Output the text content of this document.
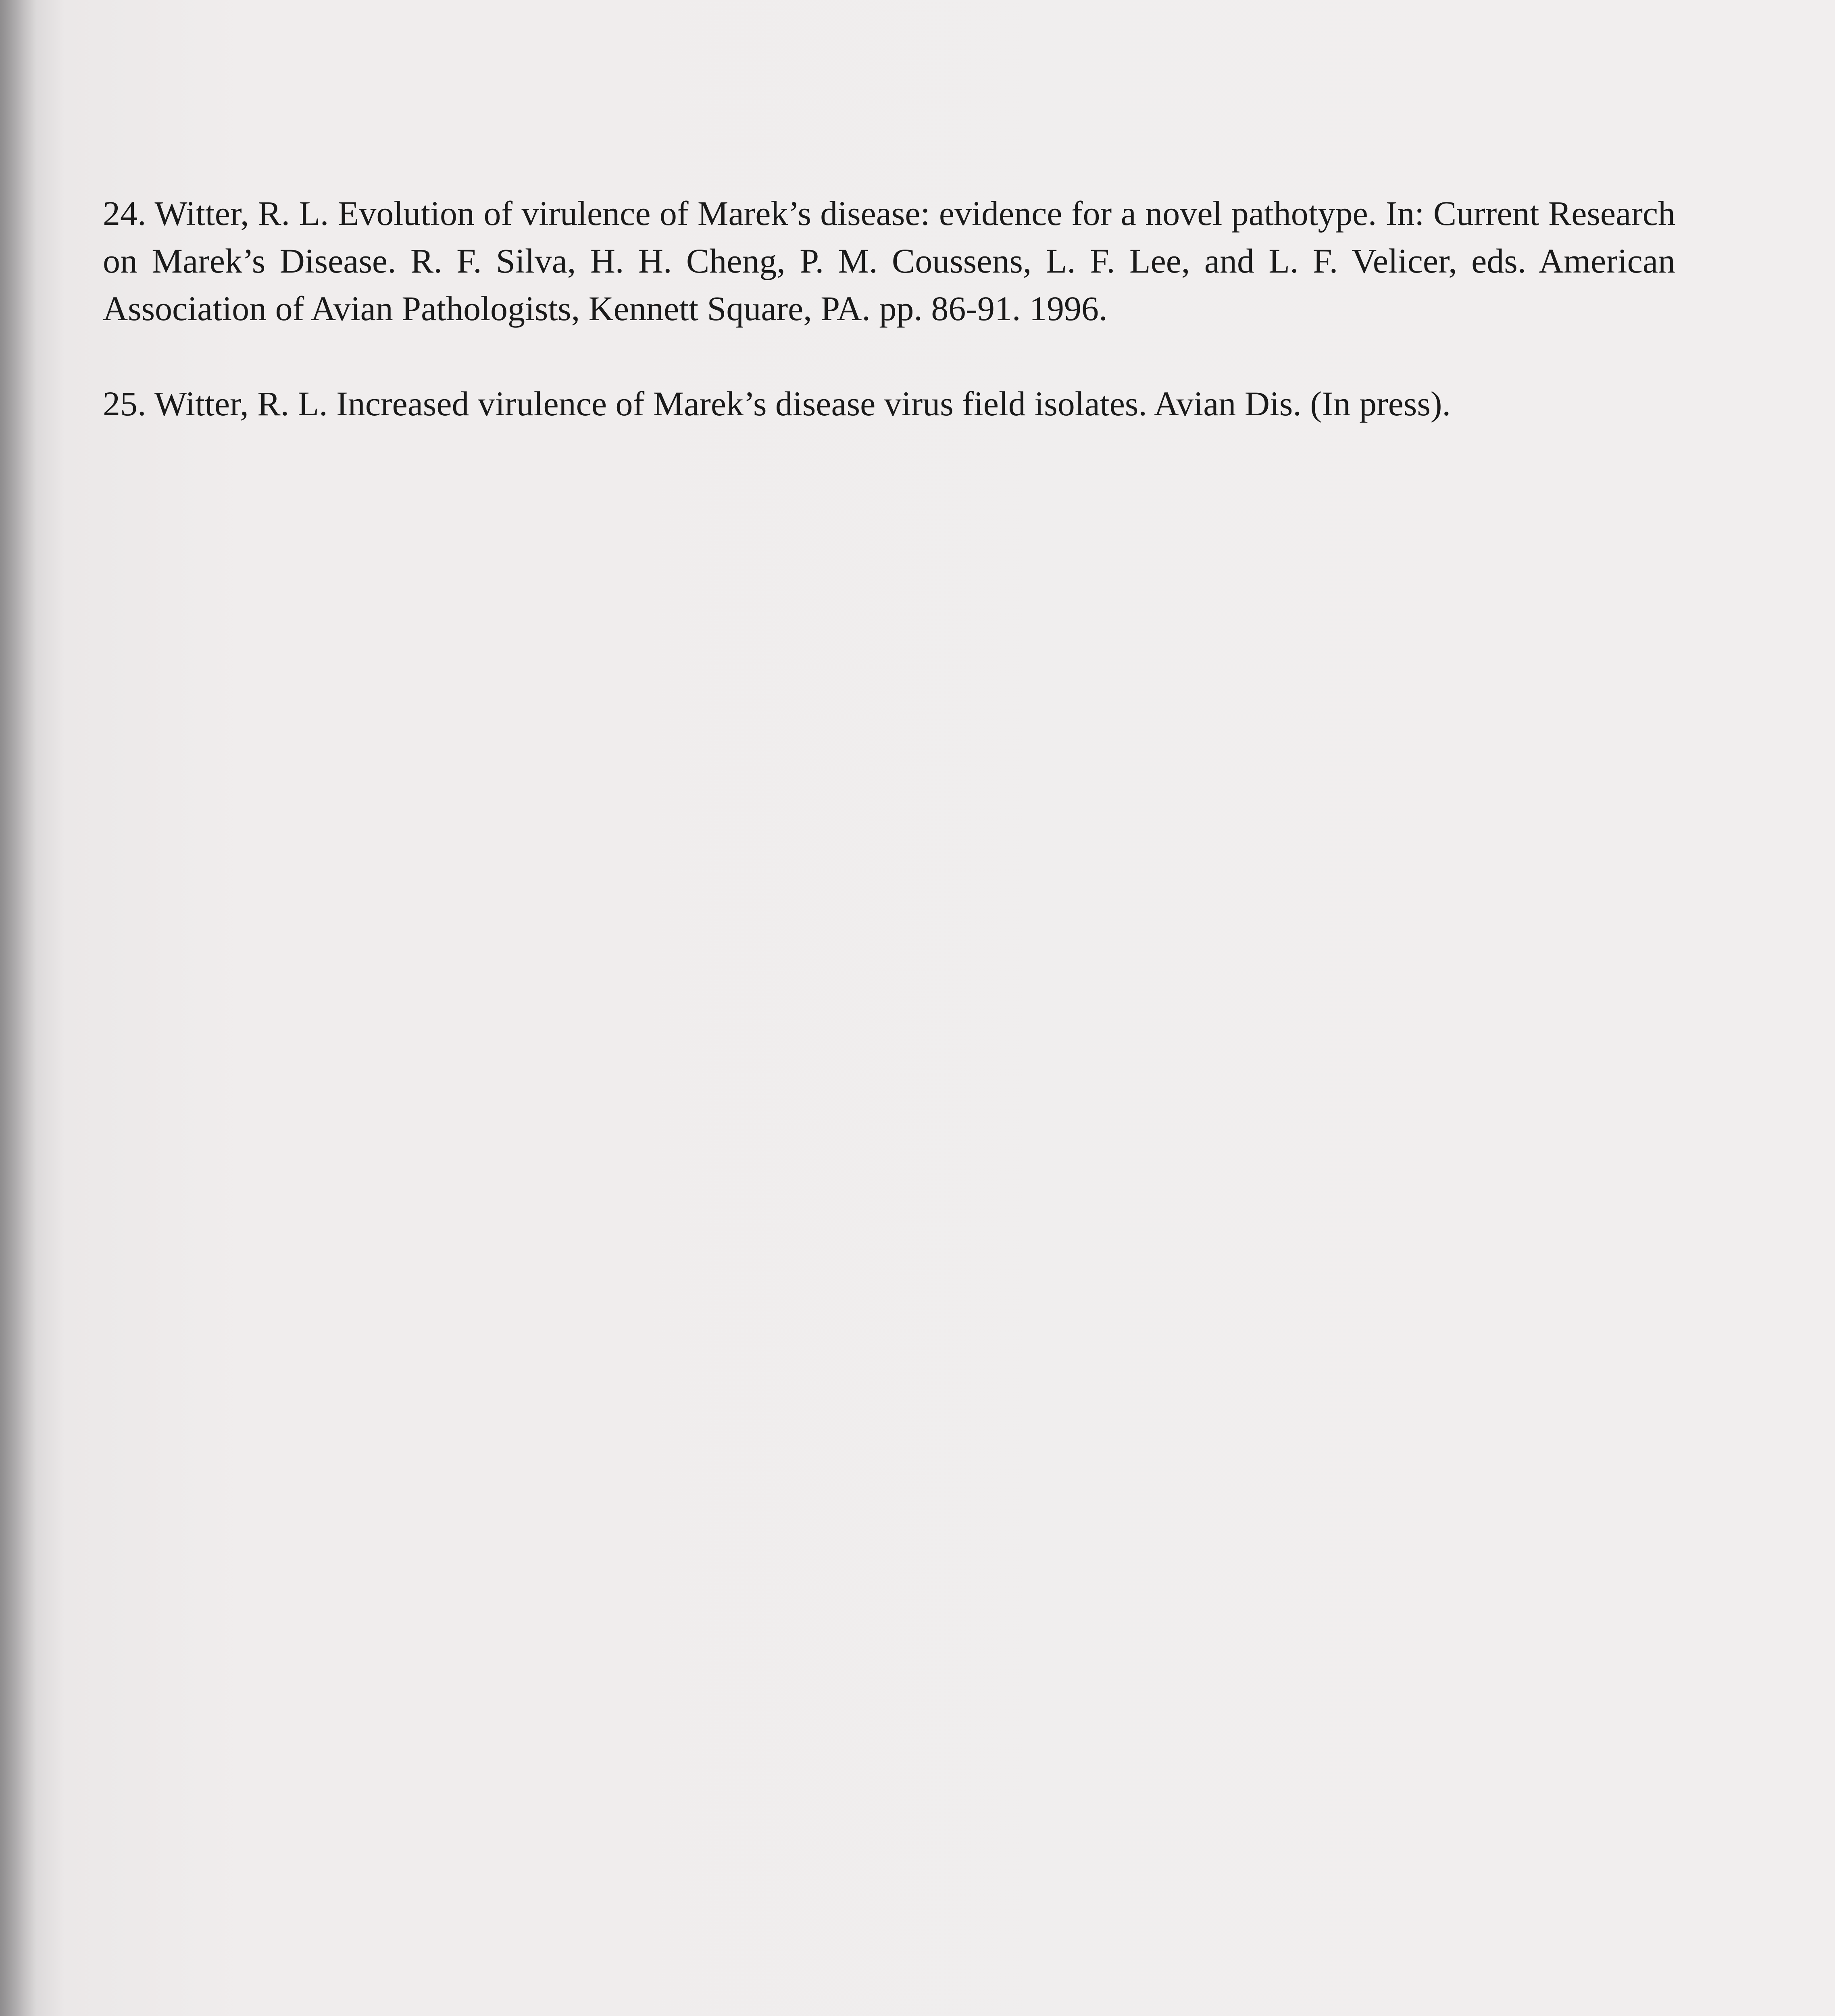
24. Witter, R. L. Evolution of virulence of Marek’s disease: evidence for a novel pathotype. In: Current Research on Marek’s Disease. R. F. Silva, H. H. Cheng, P. M. Coussens, L. F. Lee, and L. F. Velicer, eds. American Association of Avian Pathologists, Kennett Square, PA. pp. 86-91. 1996.

25. Witter, R. L. Increased virulence of Marek’s disease virus field isolates. Avian Dis. (In press).
